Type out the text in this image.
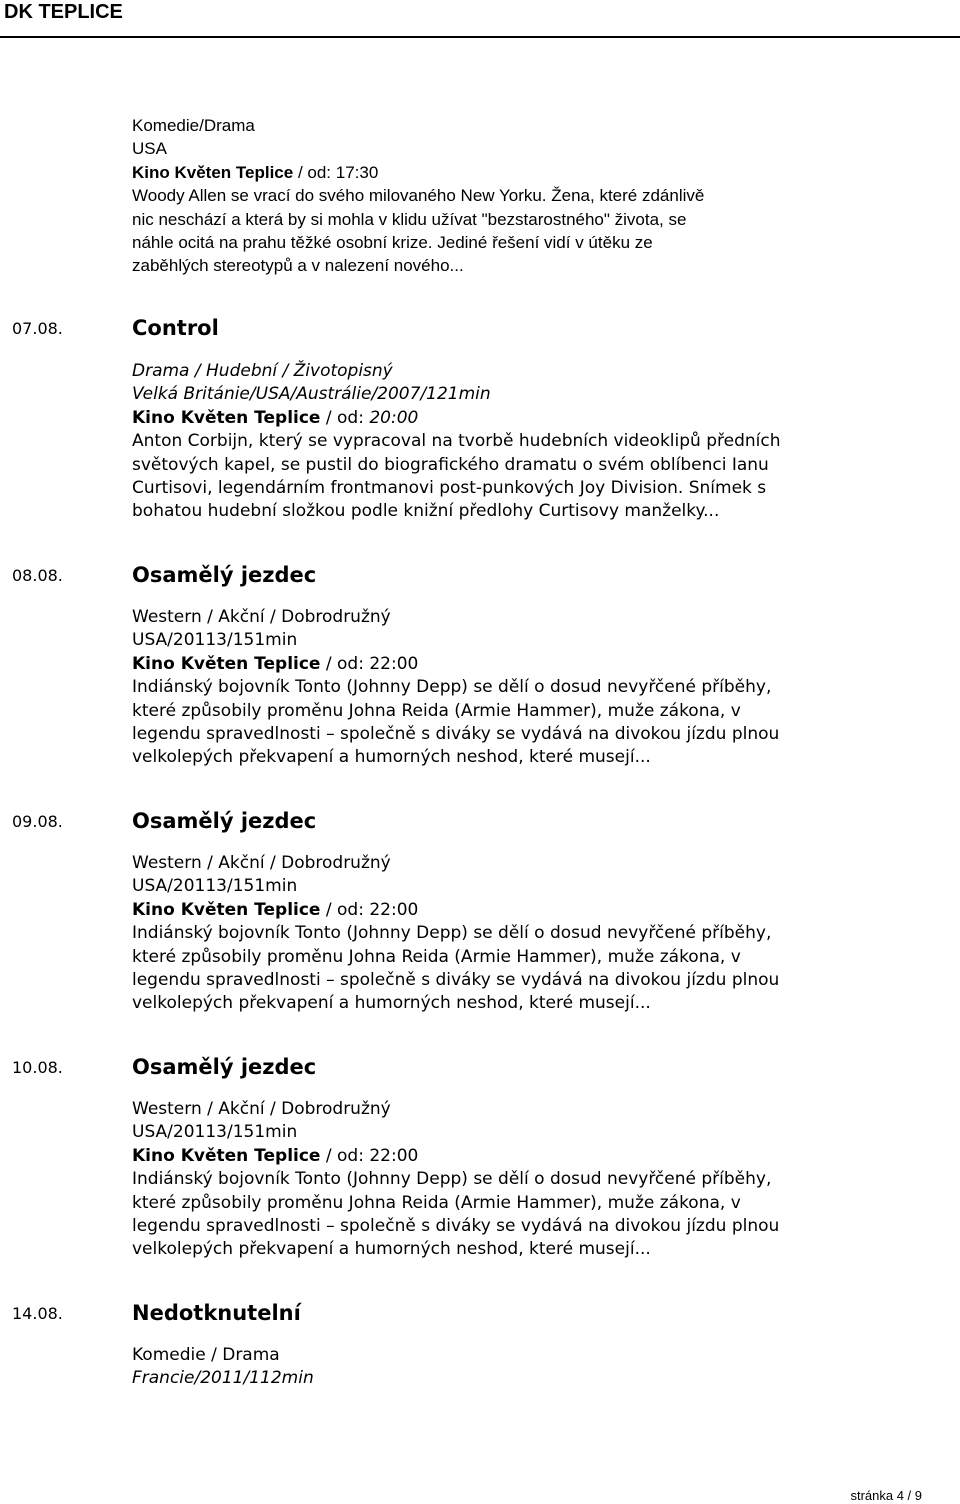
DK TEPLICE
Komedie/Drama
USA
Kino Květen Teplice / od: 17:30
Woody Allen se vrací do svého milovaného New Yorku. Žena, které zdánlivě
nic neschází a která by si mohla v klidu užívat "bezstarostného" života, se
náhle ocitá na prahu těžké osobní krize. Jediné řešení vidí v útěku ze
zaběhlých stereotypů a v nalezení nového...
07.08.	Control
Drama / Hudební / Životopisný
Velká Británie/USA/Austrálie/2007/121min
Kino Květen Teplice / od: 20:00
Anton Corbijn, který se vypracoval na tvorbě hudebních videoklipů předních
světových kapel, se pustil do biografického dramatu o svém oblíbenci Ianu
Curtisovi, legendárním frontmanovi post-punkových Joy Division. Snímek s
bohatou hudební složkou podle knižní předlohy Curtisovy manželky...
08.08.	Osamělý jezdec
Western / Akční / Dobrodružný
USA/20113/151min
Kino Květen Teplice / od: 22:00
Indiánský bojovník Tonto (Johnny Depp) se dělí o dosud nevyřčené příběhy,
které způsobily proměnu Johna Reida (Armie Hammer), muže zákona, v
legendu spravedlnosti – společně s diváky se vydává na divokou jízdu plnou
velkolepých překvapení a humorných neshod, které musejí...
09.08.	Osamělý jezdec
Western / Akční / Dobrodružný
USA/20113/151min
Kino Květen Teplice / od: 22:00
Indiánský bojovník Tonto (Johnny Depp) se dělí o dosud nevyřčené příběhy,
které způsobily proměnu Johna Reida (Armie Hammer), muže zákona, v
legendu spravedlnosti – společně s diváky se vydává na divokou jízdu plnou
velkolepých překvapení a humorných neshod, které musejí...
10.08.	Osamělý jezdec
Western / Akční / Dobrodružný
USA/20113/151min
Kino Květen Teplice / od: 22:00
Indiánský bojovník Tonto (Johnny Depp) se dělí o dosud nevyřčené příběhy,
které způsobily proměnu Johna Reida (Armie Hammer), muže zákona, v
legendu spravedlnosti – společně s diváky se vydává na divokou jízdu plnou
velkolepých překvapení a humorných neshod, které musejí...
14.08.	Nedotknutelní
Komedie / Drama
Francie/2011/112min
stránka 4 / 9
